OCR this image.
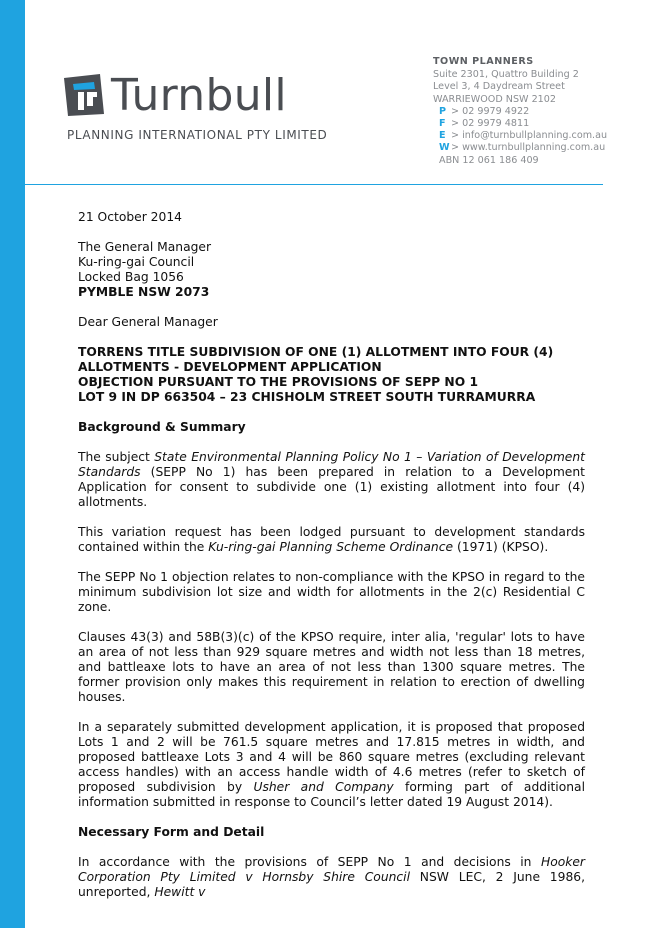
Turnbull
PLANNING INTERNATIONAL PTY LIMITED
TOWN PLANNERS
Suite 2301, Quattro Building 2
Level 3, 4 Daydream Street
WARRIEWOOD NSW 2102
P > 02 9979 4922
F > 02 9979 4811
E > info@turnbullplanning.com.au
W> www.turnbullplanning.com.au
ABN 12 061 186 409

21 October 2014

The General Manager

Ku-ring-gai Council

Locked Bag 1056

PYMBLE NSW 2073

Dear General Manager

TORRENS TITLE SUBDIVISION OF ONE (1) ALLOTMENT INTO FOUR (4)

ALLOTMENTS - DEVELOPMENT APPLICATION

OBJECTION PURSUANT TO THE PROVISIONS OF SEPP NO 1

LOT 9 IN DP 663504 – 23 CHISHOLM STREET SOUTH TURRAMURRA

Background & Summary

The subject State Environmental Planning Policy No 1 – Variation of Development Standards (SEPP No 1) has been prepared in relation to a Development Application for consent to subdivide one (1) existing allotment into four (4) allotments.

This variation request has been lodged pursuant to development standards contained within the Ku-ring-gai Planning Scheme Ordinance (1971) (KPSO).

The SEPP No 1 objection relates to non-compliance with the KPSO in regard to the minimum subdivision lot size and width for allotments in the 2(c) Residential C zone.

Clauses 43(3) and 58B(3)(c) of the KPSO require, inter alia, 'regular' lots to have an area of not less than 929 square metres and width not less than 18 metres, and battleaxe lots to have an area of not less than 1300 square metres. The former provision only makes this requirement in relation to erection of dwelling houses.

In a separately submitted development application, it is proposed that proposed Lots 1 and 2 will be 761.5 square metres and 17.815 metres in width, and proposed battleaxe Lots 3 and 4 will be 860 square metres (excluding relevant access handles) with an access handle width of 4.6 metres (refer to sketch of proposed subdivision by Usher and Company forming part of additional information submitted in response to Council’s letter dated 19 August 2014).

Necessary Form and Detail

In accordance with the provisions of SEPP No 1 and decisions in Hooker Corporation Pty Limited v Hornsby Shire Council NSW LEC, 2 June 1986, unreported, Hewitt v
